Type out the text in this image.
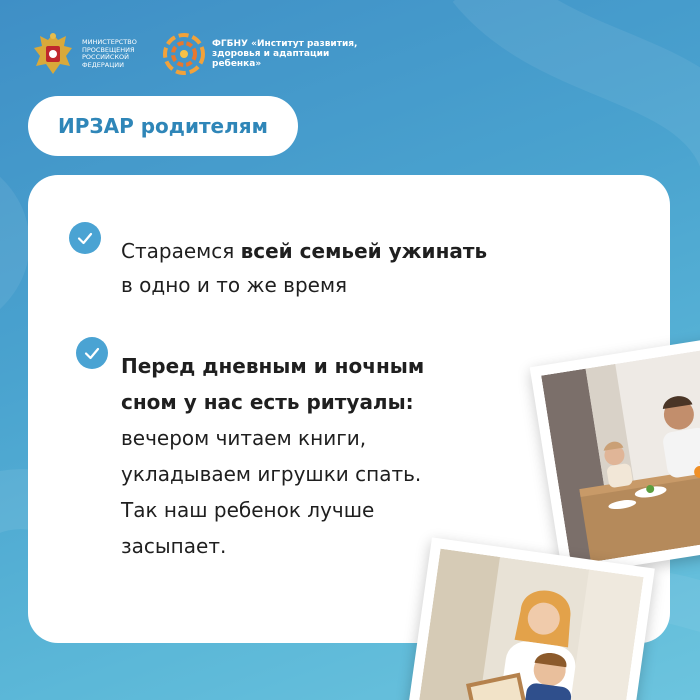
МИНИСТЕРСТВО
ПРОСВЕЩЕНИЯ
РОССИЙСКОЙ
ФЕДЕРАЦИИ
ФГБНУ «Институт развития,
здоровья и адаптации
ребенка»
ИРЗАР родителям
Стараемся всей семьей ужинать
в одно и то же время
Перед дневным и ночным
сном у нас есть ритуалы:
вечером читаем книги,
укладываем игрушки спать.
Так наш ребенок лучше
засыпает.
